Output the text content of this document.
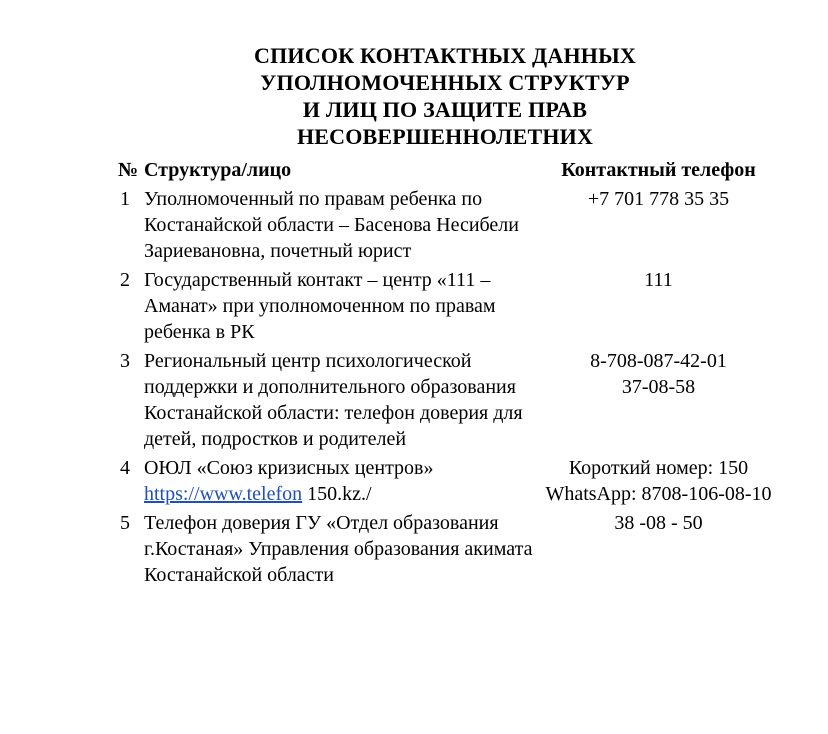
СПИСОК КОНТАКТНЫХ ДАННЫХ
УПОЛНОМОЧЕННЫХ СТРУКТУР
И ЛИЦ ПО ЗАЩИТЕ ПРАВ
НЕСОВЕРШЕННОЛЕТНИХ
№	Структура/лицо	Контактный телефон
1	Уполномоченный по правам ребенка по Костанайской области – Басенова Несибели Зариевановна, почетный юрист	+7 701 778 35 35

2	Государственный контакт – центр «111 – Аманат» при уполномоченном по правам ребенка в РК	111

3	Региональный центр психологической поддержки и дополнительного образования Костанайской области: телефон доверия для детей, подростков и родителей	8-708-087-42-01
37-08-58

4	ОЮЛ «Союз кризисных центров»
https://www.telefon 150.kz./	Короткий номер: 150
WhatsApp: 8708-106-08-10

5	Телефон доверия ГУ «Отдел образования г.Костаная» Управления образования акимата Костанайской области	38 -08 - 50
